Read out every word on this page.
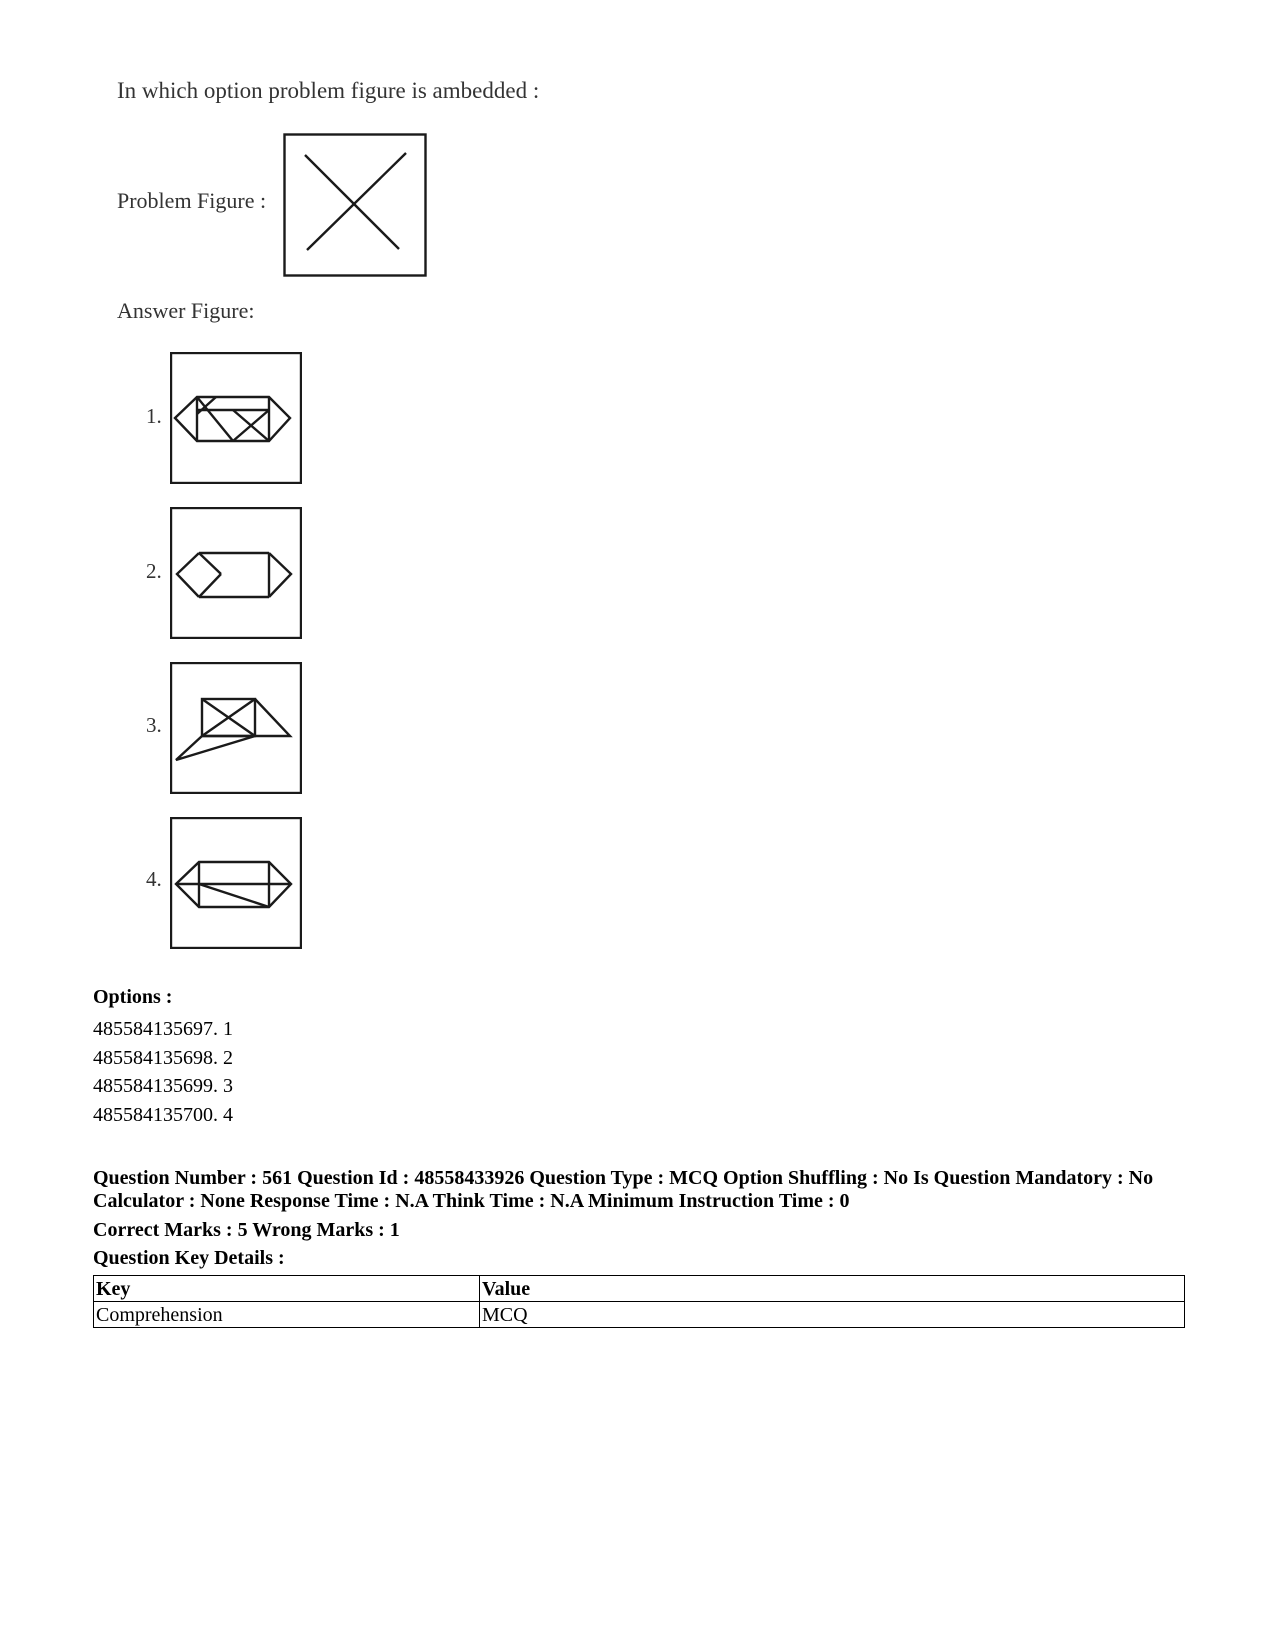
In which option problem figure is ambedded :
Problem Figure :
Answer Figure:
1.
2.
3.
4.
Options :
485584135697. 1
485584135698. 2
485584135699. 3
485584135700. 4
Question Number : 561 Question Id : 48558433926 Question Type : MCQ Option Shuffling : No Is Question Mandatory : No Calculator : None Response Time : N.A Think Time : N.A Minimum Instruction Time : 0
Correct Marks : 5 Wrong Marks : 1
Question Key Details :
Key	Value
Comprehension	MCQ
